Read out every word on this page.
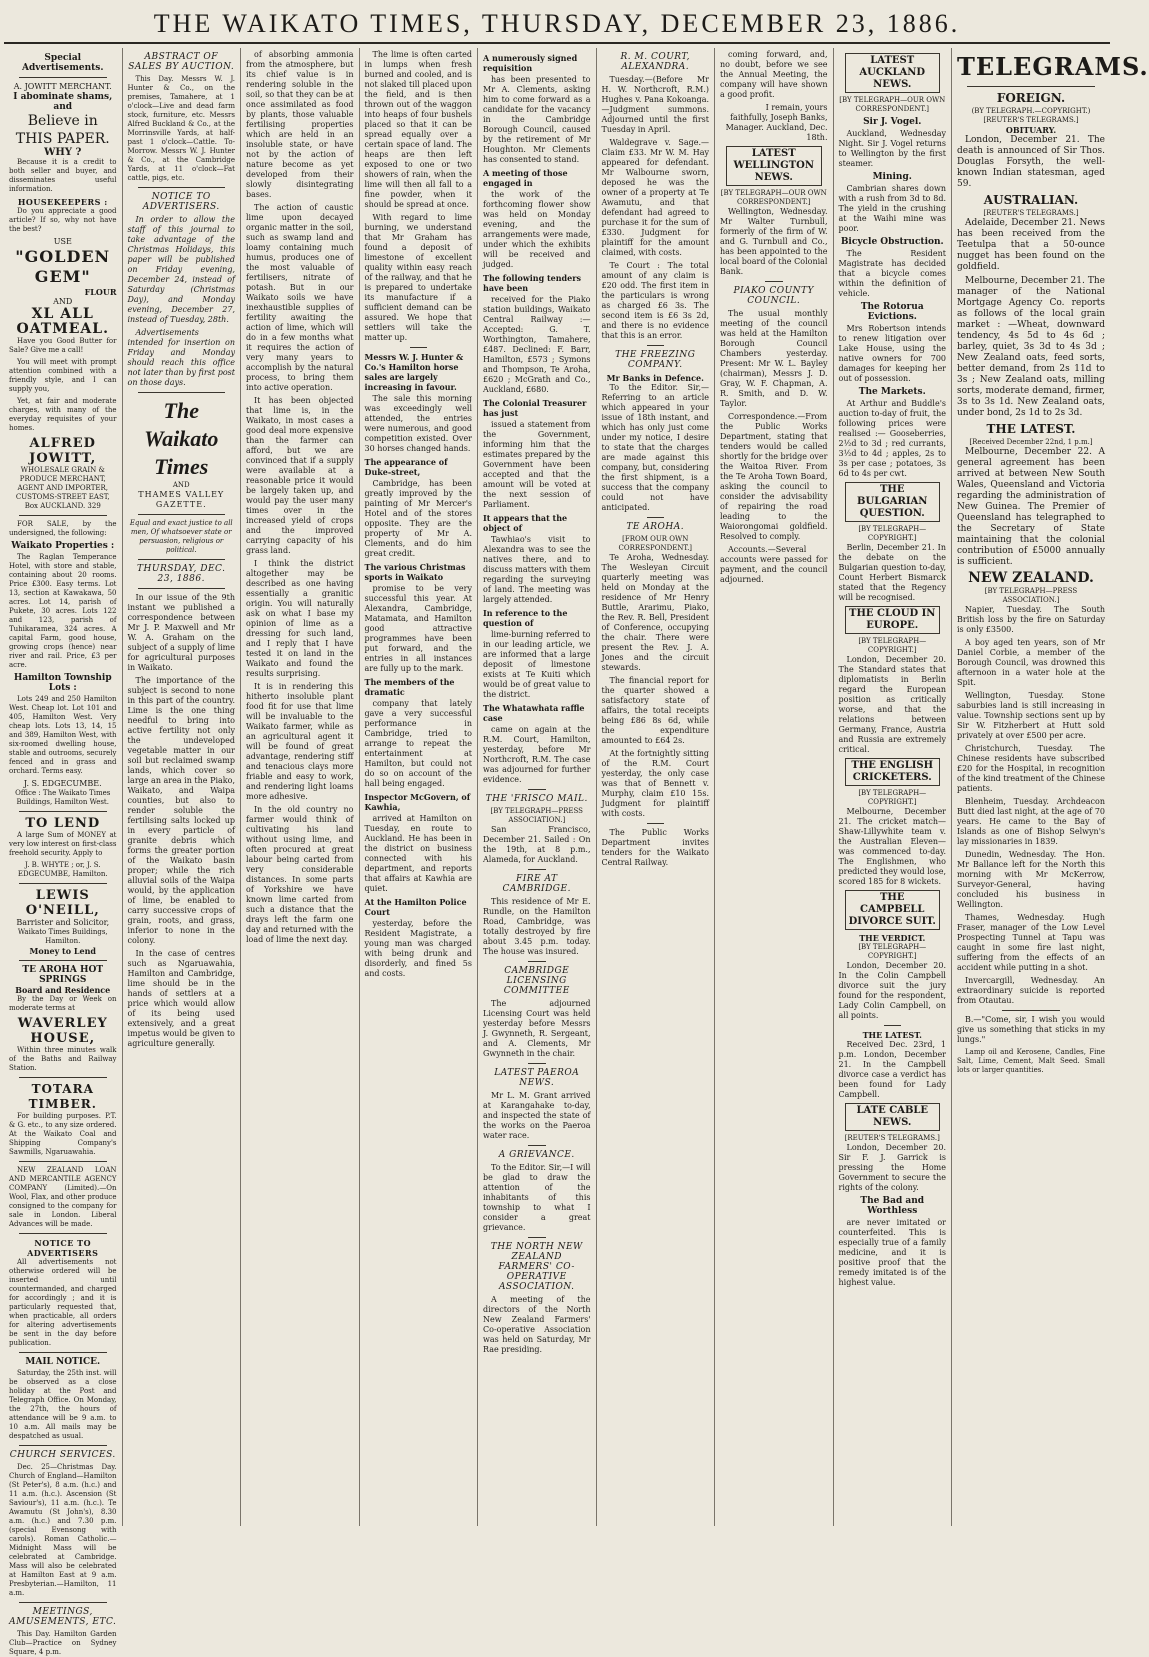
THE WAIKATO TIMES, THURSDAY, DECEMBER 23, 1886.
Special Advertisements.
A. JOWITT MERCHANT.
I abominate shams, and
Believe in THIS PAPER.
WHY ?

Because it is a credit to both seller and buyer, and disseminates useful information.

HOUSEKEEPERS :

Do you appreciate a good article? If so, why not have the best?

USE
"GOLDEN GEM"
FLOUR
AND
XL ALL OATMEAL.

Have you Good Butter for Sale? Give me a call!

You will meet with prompt attention combined with a friendly style, and I can supply you,

Yet, at fair and moderate charges, with many of the everyday requisites of your homes.

ALFRED JOWITT,
WHOLESALE GRAIN & PRODUCE MERCHANT, AGENT AND IMPORTER, CUSTOMS-STREET EAST,
Box AUCKLAND. 329

FOR SALE, by the undersigned, the following:

Waikato Properties :

The Raglan Temperance Hotel, with store and stable, containing about 20 rooms. Price £300. Easy terms. Lot 13, section at Kawakawa, 50 acres. Lot 14, parish of Pukete, 30 acres. Lots 122 and 123, parish of Tuhikaramea, 324 acres. A capital Farm, good house, growing crops (hence) near river and rail. Price, £3 per acre.

Hamilton Township Lots :

Lots 249 and 250 Hamilton West. Cheap lot. Lot 101 and 405, Hamilton West. Very cheap lots. Lots 13, 14, 15 and 389, Hamilton West, with six-roomed dwelling house, stable and outrooms, securely fenced and in grass and orchard. Terms easy.

J. S. EDGECUMBE.
Office : The Waikato Times Buildings, Hamilton West.
TO LEND

A large Sum of MONEY at very low interest on first-class freehold security. Apply to

J. B. WHYTE ; or, J. S. EDGECUMBE, Hamilton.
LEWIS O'NEILL,
Barrister and Solicitor,
Waikato Times Buildings, Hamilton.
Money to Lend
TE AROHA HOT SPRINGS
Board and Residence

By the Day or Week on moderate terms at

WAVERLEY HOUSE,

Within three minutes walk of the Baths and Railway Station.

TOTARA TIMBER.

For building purposes. P.T. & G. etc., to any size ordered. At the Waikato Coal and Shipping Company's Sawmills, Ngaruawahia.

NEW ZEALAND LOAN AND MERCANTILE AGENCY COMPANY (Limited).—On Wool, Flax, and other produce consigned to the company for sale in London. Liberal Advances will be made.

NOTICE TO ADVERTISERS

All advertisements not otherwise ordered will be inserted until countermanded, and charged for accordingly ; and it is particularly requested that, when practicable, all orders for altering advertisements be sent in the day before publication.

MAIL NOTICE.

Saturday, the 25th inst. will be observed as a close holiday at the Post and Telegraph Office. On Monday, the 27th, the hours of attendance will be 9 a.m. to 10 a.m. All mails may be despatched as usual.

CHURCH SERVICES.

Dec. 25—Christmas Day. Church of England—Hamilton (St Peter's), 8 a.m. (h.c.) and 11 a.m. (h.c.). Ascension (St Saviour's), 11 a.m. (h.c.). Te Awamutu (St John's), 8.30 a.m. (h.c.) and 7.30 p.m. (special Evensong with carols). Roman Catholic.—Midnight Mass will be celebrated at Cambridge. Mass will also be celebrated at Hamilton East at 9 a.m. Presbyterian.—Hamilton, 11 a.m.

MEETINGS, AMUSEMENTS, ETC.

This Day. Hamilton Garden Club—Practice on Sydney Square, 4 p.m.

ABSTRACT OF SALES BY AUCTION.

This Day. Messrs W. J. Hunter & Co., on the premises, Tamahere, at 1 o'clock—Live and dead farm stock, furniture, etc. Messrs Alfred Buckland & Co., at the Morrinsville Yards, at half-past 1 o'clock—Cattle. To-Morrow. Messrs W. J. Hunter & Co., at the Cambridge Yards, at 11 o'clock—Fat cattle, pigs, etc.

NOTICE TO ADVERTISERS.

In order to allow the staff of this journal to take advantage of the Christmas Holidays, this paper will be published on Friday evening, December 24, instead of Saturday (Christmas Day), and Monday evening, December 27, instead of Tuesday, 28th.

Advertisements intended for insertion on Friday and Monday should reach this office not later than by first post on those days.

The Waikato Times
AND
THAMES VALLEY GAZETTE.
Equal and exact justice to all men, Of whatsoever state or persuasion, religious or political.
THURSDAY, DEC. 23, 1886.

In our issue of the 9th instant we published a correspondence between Mr J. P. Maxwell and Mr W. A. Graham on the subject of a supply of lime for agricultural purposes in Waikato.

The importance of the subject is second to none in this part of the country. Lime is the one thing needful to bring into active fertility not only the undeveloped vegetable matter in our soil but reclaimed swamp lands, which cover so large an area in the Piako, Waikato, and Waipa counties, but also to render soluble the fertilising salts locked up in every particle of granite debris which forms the greater portion of the Waikato basin proper; while the rich alluvial soils of the Waipa would, by the application of lime, be enabled to carry successive crops of grain, roots, and grass, inferior to none in the colony.

In the case of centres such as Ngaruawahia, Hamilton and Cambridge, lime should be in the hands of settlers at a price which would allow of its being used extensively, and a great impetus would be given to agriculture generally.

of absorbing ammonia from the atmosphere, but its chief value is in rendering soluble in the soil, so that they can be at once assimilated as food by plants, those valuable fertilising properties which are held in an insoluble state, or have not by the action of nature become as yet developed from their slowly disintegrating bases.

The action of caustic lime upon decayed organic matter in the soil, such as swamp land and loamy containing much humus, produces one of the most valuable of fertilisers, nitrate of potash. But in our Waikato soils we have inexhaustible supplies of fertility awaiting the action of lime, which will do in a few months what it requires the action of very many years to accomplish by the natural process, to bring them into active operation.

It has been objected that lime is, in the Waikato, in most cases a good deal more expensive than the farmer can afford, but we are convinced that if a supply were available at a reasonable price it would be largely taken up, and would pay the user many times over in the increased yield of crops and the improved carrying capacity of his grass land.

I think the district altogether may be described as one having essentially a granitic origin. You will naturally ask on what I base my opinion of lime as a dressing for such land, and I reply that I have tested it on land in the Waikato and found the results surprising.

It is in rendering this hitherto insoluble plant food fit for use that lime will be invaluable to the Waikato farmer, while as an agricultural agent it will be found of great advantage, rendering stiff and tenacious clays more friable and easy to work, and rendering light loams more adhesive.

In the old country no farmer would think of cultivating his land without using lime, and often procured at great labour being carted from very considerable distances. In some parts of Yorkshire we have known lime carted from such a distance that the drays left the farm one day and returned with the load of lime the next day.

The lime is often carted in lumps when fresh burned and cooled, and is not slaked till placed upon the field, and is then thrown out of the waggon into heaps of four bushels placed so that it can be spread equally over a certain space of land. The heaps are then left exposed to one or two showers of rain, when the lime will then all fall to a fine powder, when it should be spread at once.

With regard to lime burning, we understand that Mr Graham has found a deposit of limestone of excellent quality within easy reach of the railway, and that he is prepared to undertake its manufacture if a sufficient demand can be assured. We hope that settlers will take the matter up.

Messrs W. J. Hunter & Co.'s Hamilton horse sales are largely increasing in favour.

The sale this morning was exceedingly well attended, the entries were numerous, and good competition existed. Over 30 horses changed hands.

The appearance of Duke-street,

Cambridge, has been greatly improved by the painting of Mr Mercer's Hotel and of the stores opposite. They are the property of Mr A. Clements, and do him great credit.

The various Christmas sports in Waikato

promise to be very successful this year. At Alexandra, Cambridge, Matamata, and Hamilton good attractive programmes have been put forward, and the entries in all instances are fully up to the mark.

The members of the dramatic

company that lately gave a very successful performance in Cambridge, tried to arrange to repeat the entertainment at Hamilton, but could not do so on account of the hall being engaged.

Inspector McGovern, of Kawhia,

arrived at Hamilton on Tuesday, en route to Auckland. He has been in the district on business connected with his department, and reports that affairs at Kawhia are quiet.

At the Hamilton Police Court

yesterday, before the Resident Magistrate, a young man was charged with being drunk and disorderly, and fined 5s and costs.

A numerously signed requisition

has been presented to Mr A. Clements, asking him to come forward as a candidate for the vacancy in the Cambridge Borough Council, caused by the retirement of Mr Houghton. Mr Clements has consented to stand.

A meeting of those engaged in

the work of the forthcoming flower show was held on Monday evening, and the arrangements were made, under which the exhibits will be received and judged.

The following tenders have been

received for the Piako station buildings, Waikato Central Railway :—Accepted: G. T. Worthington, Tamahere, £487. Declined: F. Barr, Hamilton, £573 ; Symons and Thompson, Te Aroha, £620 ; McGrath and Co., Auckland, £680.

The Colonial Treasurer has just

issued a statement from the Government, informing him that the estimates prepared by the Government have been accepted and that the amount will be voted at the next session of Parliament.

It appears that the object of

Tawhiao's visit to Alexandra was to see the natives there, and to discuss matters with them regarding the surveying of land. The meeting was largely attended.

In reference to the question of

lime-burning referred to in our leading article, we are informed that a large deposit of limestone exists at Te Kuiti which would be of great value to the district.

The Whatawhata raffle case

came on again at the R.M. Court, Hamilton, yesterday, before Mr Northcroft, R.M. The case was adjourned for further evidence.

THE 'FRISCO MAIL.
[BY TELEGRAPH—PRESS ASSOCIATION.]

San Francisco, December 21. Sailed : On the 19th, at 8 p.m., Alameda, for Auckland.

FIRE AT CAMBRIDGE.

This residence of Mr E. Rundle, on the Hamilton Road, Cambridge, was totally destroyed by fire about 3.45 p.m. today. The house was insured.

CAMBRIDGE LICENSING COMMITTEE

The adjourned Licensing Court was held yesterday before Messrs J. Gwynneth, R. Sergeant, and A. Clements, Mr Gwynneth in the chair.

LATEST PAEROA NEWS.

Mr L. M. Grant arrived at Karangahake to-day, and inspected the state of the works on the Paeroa water race.

A GRIEVANCE.

To the Editor. Sir,—I will be glad to draw the attention of the inhabitants of this township to what I consider a great grievance.

THE NORTH NEW ZEALAND FARMERS' CO-OPERATIVE ASSOCIATION.

A meeting of the directors of the North New Zealand Farmers' Co-operative Association was held on Saturday, Mr Rae presiding.

R. M. COURT, ALEXANDRA.

Tuesday.—(Before Mr H. W. Northcroft, R.M.) Hughes v. Pana Kokoanga.—Judgment summons. Adjourned until the first Tuesday in April.

Waldegrave v. Sage.—Claim £33. Mr W. M. Hay appeared for defendant. Mr Walbourne sworn, deposed he was the owner of a property at Te Awamutu, and that defendant had agreed to purchase it for the sum of £330. Judgment for plaintiff for the amount claimed, with costs.

Te Court : The total amount of any claim is £20 odd. The first item in the particulars is wrong as charged £6 3s. The second item is £6 3s 2d, and there is no evidence that this is an error.

THE FREEZING COMPANY.
Mr Banks in Defence.

To the Editor. Sir,—Referring to an article which appeared in your issue of 18th instant, and which has only just come under my notice, I desire to state that the charges are made against this company, but, considering the first shipment, is a success that the company could not have anticipated.

TE AROHA.
[FROM OUR OWN CORRESPONDENT.]

Te Aroha, Wednesday. The Wesleyan Circuit quarterly meeting was held on Monday at the residence of Mr Henry Buttle, Ararimu, Piako, the Rev. R. Bell, President of Conference, occupying the chair. There were present the Rev. J. A. Jones and the circuit stewards.

The financial report for the quarter showed a satisfactory state of affairs, the total receipts being £86 8s 6d, while the expenditure amounted to £64 2s.

At the fortnightly sitting of the R.M. Court yesterday, the only case was that of Bennett v. Murphy, claim £10 15s. Judgment for plaintiff with costs.

The Public Works Department invites tenders for the Waikato Central Railway.

coming forward, and, no doubt, before we see the Annual Meeting, the company will have shown a good profit.

I remain, yours faithfully, Joseph Banks, Manager. Auckland, Dec. 18th.

LATEST WELLINGTON NEWS.
[BY TELEGRAPH—OUR OWN CORRESPONDENT.]

Wellington, Wednesday. Mr Walter Turnbull, formerly of the firm of W. and G. Turnbull and Co., has been appointed to the local board of the Colonial Bank.

PIAKO COUNTY COUNCIL.

The usual monthly meeting of the council was held at the Hamilton Borough Council Chambers yesterday. Present: Mr W. L. Bayley (chairman), Messrs J. D. Gray, W. F. Chapman, A. R. Smith, and D. W. Taylor.

Correspondence.—From the Public Works Department, stating that tenders would be called shortly for the bridge over the Waitoa River. From the Te Aroha Town Board, asking the council to consider the advisability of repairing the road leading to the Waiorongomai goldfield. Resolved to comply.

Accounts.—Several accounts were passed for payment, and the council adjourned.

LATEST AUCKLAND NEWS.
[BY TELEGRAPH—OUR OWN CORRESPONDENT.]
Sir J. Vogel.

Auckland, Wednesday Night. Sir J. Vogel returns to Wellington by the first steamer.

Mining.

Cambrian shares down with a rush from 3d to 8d. The yield in the crushing at the Waihi mine was poor.

Bicycle Obstruction.

The Resident Magistrate has decided that a bicycle comes within the definition of vehicle.

The Rotorua Evictions.

Mrs Robertson intends to renew litigation over Lake House, using the native owners for 700 damages for keeping her out of possession.

The Markets.

At Arthur and Buddle's auction to-day of fruit, the following prices were realised :— Gooseberries, 2½d to 3d ; red currants, 3½d to 4d ; apples, 2s to 3s per case ; potatoes, 3s 6d to 4s per cwt.

THE BULGARIAN QUESTION.
[BY TELEGRAPH—COPYRIGHT.]

Berlin, December 21. In the debate on the Bulgarian question to-day, Count Herbert Bismarck stated that the Regency will be recognised.

THE CLOUD IN EUROPE.
[BY TELEGRAPH—COPYRIGHT.]

London, December 20. The Standard states that diplomatists in Berlin regard the European position as critically worse, and that the relations between Germany, France, Austria and Russia are extremely critical.

THE ENGLISH CRICKETERS.
[BY TELEGRAPH—COPYRIGHT.]

Melbourne, December 21. The cricket match—Shaw-Lillywhite team v. the Australian Eleven—was commenced to-day. The Englishmen, who predicted they would lose, scored 185 for 8 wickets.

THE CAMPBELL DIVORCE SUIT.
THE VERDICT.
[BY TELEGRAPH—COPYRIGHT.]

London, December 20. In the Colin Campbell divorce suit the jury found for the respondent, Lady Colin Campbell, on all points.

THE LATEST.

Received Dec. 23rd, 1 p.m. London, December 21. In the Campbell divorce case a verdict has been found for Lady Campbell.

LATE CABLE NEWS.
[REUTER'S TELEGRAMS.]

London, December 20. Sir F. J. Garrick is pressing the Home Government to secure the rights of the colony.

The Bad and Worthless

are never imitated or counterfeited. This is especially true of a family medicine, and it is positive proof that the remedy imitated is of the highest value.

TELEGRAMS.
FOREIGN.
(BY TELEGRAPH.—COPYRIGHT.)
[REUTER'S TELEGRAMS.]
OBITUARY.

London, December 21. The death is announced of Sir Thos. Douglas Forsyth, the well-known Indian statesman, aged 59.

AUSTRALIAN.
[REUTER'S TELEGRAMS.]

Adelaide, December 21. News has been received from the Teetulpa that a 50-ounce nugget has been found on the goldfield.

Melbourne, December 21. The manager of the National Mortgage Agency Co. reports as follows of the local grain market : —Wheat, downward tendency, 4s 5d to 4s 6d ; barley, quiet, 3s 3d to 4s 3d ; New Zealand oats, feed sorts, better demand, from 2s 11d to 3s ; New Zealand oats, milling sorts, moderate demand, firmer, 3s to 3s 1d. New Zealand oats, under bond, 2s 1d to 2s 3d.

THE LATEST.
[Received December 22nd, 1 p.m.]

Melbourne, December 22. A general agreement has been arrived at between New South Wales, Queensland and Victoria regarding the administration of New Guinea. The Premier of Queensland has telegraphed to the Secretary of State maintaining that the colonial contribution of £5000 annually is sufficient.

NEW ZEALAND.
[BY TELEGRAPH—PRESS ASSOCIATION.]

Napier, Tuesday. The South British loss by the fire on Saturday is only £3500.

A boy aged ten years, son of Mr Daniel Corbie, a member of the Borough Council, was drowned this afternoon in a water hole at the Spit.

Wellington, Tuesday. Stone saburbies land is still increasing in value. Township sections sent up by Sir W. Fitzherbert at Hutt sold privately at over £500 per acre.

Christchurch, Tuesday. The Chinese residents have subscribed £20 for the Hospital, in recognition of the kind treatment of the Chinese patients.

Blenheim, Tuesday. Archdeacon Butt died last night, at the age of 70 years. He came to the Bay of Islands as one of Bishop Selwyn's lay missionaries in 1839.

Dunedin, Wednesday. The Hon. Mr Ballance left for the North this morning with Mr McKerrow, Surveyor-General, having concluded his business in Wellington.

Thames, Wednesday. Hugh Fraser, manager of the Low Level Prospecting Tunnel at Tapu was caught in some fire last night, suffering from the effects of an accident while putting in a shot.

Invercargill, Wednesday. An extraordinary suicide is reported from Otautau.

B.—"Come, sir, I wish you would give us something that sticks in my lungs."

Lamp oil and Kerosene, Candles, Fine Salt, Lime, Cement, Malt Seed. Small lots or larger quantities.
